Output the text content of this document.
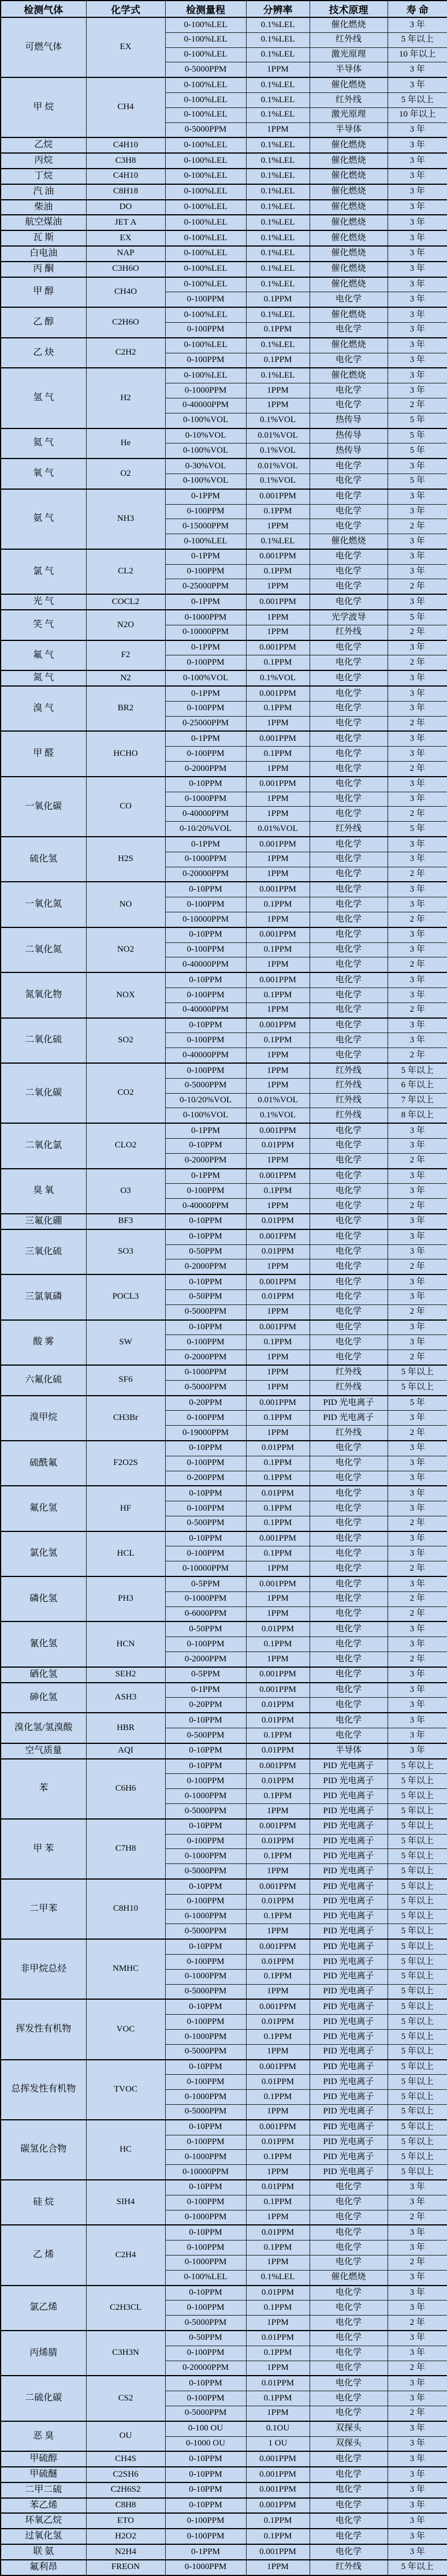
检测气体	化学式	检测量程	分辨率	技术原理	寿 命
可燃气体	EX	0-100%LEL	0.1%LEL	催化燃烧	3 年
		0-100%LEL	0.1%LEL	红外线	5 年以上
		0-100%LEL	0.1%LEL	激光原理	10 年以上
		0-5000PPM	1PPM	半导体	3 年
甲 烷	CH4	0-100%LEL	0.1%LEL	催化燃烧	3 年
		0-100%LEL	0.1%LEL	红外线	5 年以上
		0-100%LEL	0.1%LEL	激光原理	10 年以上
		0-5000PPM	1PPM	半导体	3 年
乙烷	C4H10	0-100%LEL	0.1%LEL	催化燃烧	3 年
丙烷	C3H8	0-100%LEL	0.1%LEL	催化燃烧	3 年
丁烷	C4H10	0-100%LEL	0.1%LEL	催化燃烧	3 年
汽 油	C8H18	0-100%LEL	0.1%LEL	催化燃烧	3 年
柴油	DO	0-100%LEL	0.1%LEL	催化燃烧	3 年
航空煤油	JET A	0-100%LEL	0.1%LEL	催化燃烧	3 年
瓦 斯	EX	0-100%LEL	0.1%LEL	催化燃烧	3 年
白电油	NAP	0-100%LEL	0.1%LEL	催化燃烧	3 年
丙 酮	C3H6O	0-100%LEL	0.1%LEL	催化燃烧	3 年
甲 醇	CH4O	0-100%LEL	0.1%LEL	催化燃烧	3 年
		0-100PPM	0.1PPM	电化学	3 年
乙 醇	C2H6O	0-100%LEL	0.1%LEL	催化燃烧	3 年
		0-100PPM	0.1PPM	电化学	3 年
乙 炔	C2H2	0-100%LEL	0.1%LEL	催化燃烧	3 年
		0-100PPM	0.1PPM	电化学	3 年
氢 气	H2	0-100%LEL	0.1%LEL	催化燃烧	3 年
		0-1000PPM	1PPM	电化学	3 年
		0-40000PPM	1PPM	电化学	2 年
		0-100%VOL	0.1%VOL	热传导	5 年
氦 气	He	0-10%VOL	0.01%VOL	热传导	5 年
		0-100%VOL	0.1%VOL	热传导	5 年
氧 气	O2	0-30%VOL	0.01%VOL	电化学	3 年
		0-100%VOL	0.1%VOL	电化学	5 年
氨 气	NH3	0-1PPM	0.001PPM	电化学	3 年
		0-100PPM	0.1PPM	电化学	3 年
		0-15000PPM	1PPM	电化学	2 年
		0-100%LEL	0.1%LEL	催化燃烧	3 年
氯 气	CL2	0-1PPM	0.001PPM	电化学	3 年
		0-100PPM	0.1PPM	电化学	3 年
		0-25000PPM	1PPM	电化学	2 年
光 气	COCL2	0-1PPM	0.001PPM	电化学	3 年
笑 气	N2O	0-1000PPM	1PPM	光学波导	5 年
		0-10000PPM	1PPM	红外线	2 年
氟 气	F2	0-1PPM	0.001PPM	电化学	3 年
		0-100PPM	0.1PPM	电化学	2 年
氮 气	N2	0-100%VOL	0.1%VOL	电化学	3 年
溴 气	BR2	0-1PPM	0.001PPM	电化学	3 年
		0-100PPM	0.1PPM	电化学	3 年
		0-25000PPM	1PPM	电化学	2 年
甲 醛	HCHO	0-1PPM	0.001PPM	电化学	3 年
		0-100PPM	0.1PPM	电化学	3 年
		0-2000PPM	1PPM	电化学	2 年
一氧化碳	CO	0-10PPM	0.001PPM	电化学	3 年
		0-1000PPM	1PPM	电化学	3 年
		0-40000PPM	1PPM	电化学	2 年
		0-10/20%VOL	0.01%VOL	红外线	5 年
硫化氢	H2S	0-1PPM	0.001PPM	电化学	3 年
		0-1000PPM	1PPM	电化学	3 年
		0-20000PPM	1PPM	电化学	2 年
一氧化氮	NO	0-10PPM	0.001PPM	电化学	3 年
		0-100PPM	0.1PPM	电化学	3 年
		0-10000PPM	1PPM	电化学	2 年
二氧化氮	NO2	0-10PPM	0.001PPM	电化学	3 年
		0-100PPM	0.1PPM	电化学	3 年
		0-40000PPM	1PPM	电化学	2 年
氮氧化物	NOX	0-10PPM	0.001PPM	电化学	3 年
		0-100PPM	0.1PPM	电化学	3 年
		0-40000PPM	1PPM	电化学	2 年
二氧化硫	SO2	0-10PPM	0.001PPM	电化学	3 年
		0-100PPM	0.1PPM	电化学	3 年
		0-40000PPM	1PPM	电化学	2 年
二氧化碳	CO2	0-100PPM	1PPM	红外线	5 年以上
		0-5000PPM	1PPM	红外线	6 年以上
		0-10/20%VOL	0.01%VOL	红外线	7 年以上
		0-100%VOL	0.1%VOL	红外线	8 年以上
二氧化氯	CLO2	0-1PPM	0.001PPM	电化学	3 年
		0-10PPM	0.01PPM	电化学	3 年
		0-2000PPM	1PPM	电化学	2 年
臭 氧	O3	0-1PPM	0.001PPM	电化学	3 年
		0-100PPM	0.1PPM	电化学	3 年
		0-40000PPM	1PPM	电化学	2 年
三氟化硼	BF3	0-10PPM	0.01PPM	电化学	3 年
三氧化硫	SO3	0-10PPM	0.001PPM	电化学	3 年
		0-50PPM	0.01PPM	电化学	3 年
		0-2000PPM	1PPM	电化学	2 年
三氯氧磷	POCL3	0-10PPM	0.001PPM	电化学	3 年
		0-50PPM	0.01PPM	电化学	3 年
		0-5000PPM	1PPM	电化学	2 年
酸 雾	SW	0-10PPM	0.001PPM	电化学	3 年
		0-100PPM	0.1PPM	电化学	3 年
		0-2000PPM	1PPM	电化学	2 年
六氟化硫	SF6	0-1000PPM	1PPM	红外线	5 年以上
		0-5000PPM	1PPM	红外线	5 年以上
溴甲烷	CH3Br	0-20PPM	0.001PPM	PID 光电离子	5 年
		0-100PPM	0.1PPM	PID 光电离子	3 年
		0-19000PPM	1PPM	红外线	2 年
硫酰氟	F2O2S	0-10PPM	0.01PPM	电化学	3 年
		0-100PPM	0.1PPM	电化学	3 年
		0-200PPM	0.1PPM	电化学	3 年
氟化氢	HF	0-10PPM	0.01PPM	电化学	3 年
		0-100PPM	0.1PPM	电化学	3 年
		0-500PPM	0.1PPM	电化学	2 年
氯化氢	HCL	0-10PPM	0.001PPM	电化学	3 年
		0-100PPM	0.1PPM	电化学	3 年
		0-10000PPM	1PPM	电化学	2 年
磷化氢	PH3	0-5PPM	0.001PPM	电化学	3 年
		0-1000PPM	1PPM	电化学	2 年
		0-6000PPM	1PPM	电化学	2 年
氰化氢	HCN	0-50PPM	0.01PPM	电化学	3 年
		0-100PPM	0.1PPM	电化学	3 年
		0-2000PPM	1PPM	电化学	2 年
硒化氢	SEH2	0-5PPM	0.001PPM	电化学	3 年
砷化氢	ASH3	0-1PPM	0.001PPM	电化学	3 年
		0-20PPM	0.01PPM	电化学	3 年
溴化氢/氢溴酸	HBR	0-10PPM	0.01PPM	电化学	3 年
		0-500PPM	0.1PPM	电化学	3 年
空气质量	AQI	0-10PPM	0.01PPM	半导体	3 年
苯	C6H6	0-10PPM	0.001PPM	PID 光电离子	5 年以上
		0-100PPM	0.01PPM	PID 光电离子	5 年以上
		0-1000PPM	0.1PPM	PID 光电离子	5 年以上
		0-5000PPM	1PPM	PID 光电离子	5 年以上
甲 苯	C7H8	0-10PPM	0.001PPM	PID 光电离子	5 年以上
		0-100PPM	0.01PPM	PID 光电离子	5 年以上
		0-1000PPM	0.1PPM	PID 光电离子	5 年以上
		0-5000PPM	1PPM	PID 光电离子	5 年以上
二甲苯	C8H10	0-10PPM	0.001PPM	PID 光电离子	5 年以上
		0-100PPM	0.01PPM	PID 光电离子	5 年以上
		0-1000PPM	0.1PPM	PID 光电离子	5 年以上
		0-5000PPM	1PPM	PID 光电离子	5 年以上
非甲烷总烃	NMHC	0-10PPM	0.001PPM	PID 光电离子	5 年以上
		0-100PPM	0.01PPM	PID 光电离子	5 年以上
		0-1000PPM	0.1PPM	PID 光电离子	5 年以上
		0-5000PPM	1PPM	PID 光电离子	5 年以上
挥发性有机物	VOC	0-10PPM	0.001PPM	PID 光电离子	5 年以上
		0-100PPM	0.01PPM	PID 光电离子	5 年以上
		0-1000PPM	0.1PPM	PID 光电离子	5 年以上
		0-5000PPM	1PPM	PID 光电离子	5 年以上
总挥发性有机物	TVOC	0-10PPM	0.001PPM	PID 光电离子	5 年以上
		0-100PPM	0.01PPM	PID 光电离子	5 年以上
		0-1000PPM	0.1PPM	PID 光电离子	5 年以上
		0-5000PPM	1PPM	PID 光电离子	5 年以上
碳氢化合物	HC	0-10PPM	0.001PPM	PID 光电离子	5 年以上
		0-100PPM	0.01PPM	PID 光电离子	5 年以上
		0-1000PPM	0.1PPM	PID 光电离子	5 年以上
		0-10000PPM	1PPM	PID 光电离子	5 年以上
硅 烷	SIH4	0-10PPM	0.01PPM	电化学	3 年
		0-100PPM	0.1PPM	电化学	3 年
		0-1000PPM	1PPM	电化学	2 年
乙 烯	C2H4	0-10PPM	0.01PPM	电化学	3 年
		0-100PPM	0.1PPM	电化学	3 年
		0-1000PPM	1PPM	电化学	2 年
		0-100%LEL	0.1%LEL	催化燃烧	3 年
氯乙烯	C2H3CL	0-10PPM	0.01PPM	电化学	3 年
		0-100PPM	0.1PPM	电化学	3 年
		0-5000PPM	1PPM	电化学	2 年
丙烯腈	C3H3N	0-50PPM	0.01PPM	电化学	3 年
		0-100PPM	0.1PPM	电化学	3 年
		0-20000PPM	1PPM	电化学	2 年
二硫化碳	CS2	0-10PPM	0.01PPM	电化学	3 年
		0-100PPM	0.1PPM	电化学	3 年
		0-5000PPM	1PPM	电化学	2 年
恶 臭	OU	0-100 OU	0.1OU	双探头	3 年
		0-1000 OU	1 OU	双探头	3 年
甲硫醇	CH4S	0-10PPM	0.001PPM	电化学	3 年
甲硫醚	C2SH6	0-10PPM	0.001PPM	电化学	3 年
二甲二硫	C2H6S2	0-10PPM	0.001PPM	电化学	3 年
苯乙烯	C8H8	0-10PPM	0.001PPM	电化学	3 年
环氧乙烷	ETO	0-100PPM	0.1PPM	电化学	3 年
过氧化氢	H2O2	0-100PPM	0.1PPM	电化学	3 年
联 氨	N2H4	0-1PPM	0.001PPM	电化学	3 年
氟利昂	FREON	0-1000PPM	1PPM	红外线	5 年以上
